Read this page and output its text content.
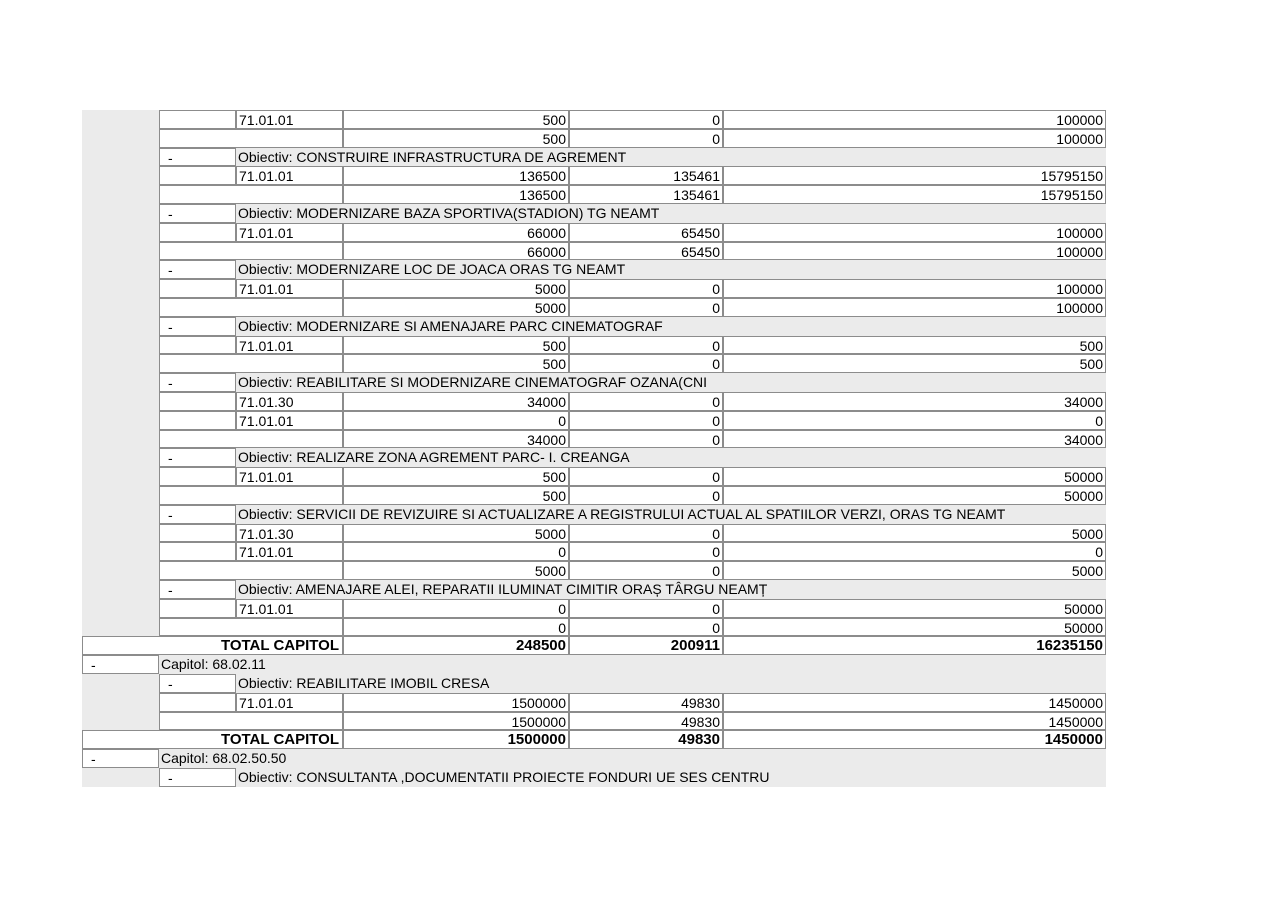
71.01.01	500	0	100000
500	0	100000
-	Obiectiv: CONSTRUIRE INFRASTRUCTURA DE AGREMENT
71.01.01	136500	135461	15795150
136500	135461	15795150
-	Obiectiv: MODERNIZARE BAZA SPORTIVA(STADION) TG NEAMT
71.01.01	66000	65450	100000
66000	65450	100000
-	Obiectiv: MODERNIZARE LOC DE JOACA ORAS TG NEAMT
71.01.01	5000	0	100000
5000	0	100000
-	Obiectiv: MODERNIZARE SI AMENAJARE PARC CINEMATOGRAF
71.01.01	500	0	500
500	0	500
-	Obiectiv: REABILITARE SI MODERNIZARE CINEMATOGRAF OZANA(CNI
71.01.30	34000	0	34000
71.01.01	0	0	0
34000	0	34000
-	Obiectiv: REALIZARE ZONA AGREMENT PARC- I. CREANGA
71.01.01	500	0	50000
500	0	50000
-	Obiectiv: SERVICII DE REVIZUIRE SI ACTUALIZARE A REGISTRULUI ACTUAL AL SPATIILOR VERZI, ORAS TG NEAMT
71.01.30	5000	0	5000
71.01.01	0	0	0
5000	0	5000
-	Obiectiv: AMENAJARE ALEI, REPARATII ILUMINAT CIMITIR ORAȘ TÂRGU NEAMȚ
71.01.01	0	0	50000
0	0	50000
TOTAL CAPITOL	248500	200911	16235150
-	Capitol: 68.02.11
-	Obiectiv: REABILITARE IMOBIL CRESA
71.01.01	1500000	49830	1450000
1500000	49830	1450000
TOTAL CAPITOL	1500000	49830	1450000
-	Capitol: 68.02.50.50
-	Obiectiv: CONSULTANTA ,DOCUMENTATII PROIECTE FONDURI UE SES CENTRU
